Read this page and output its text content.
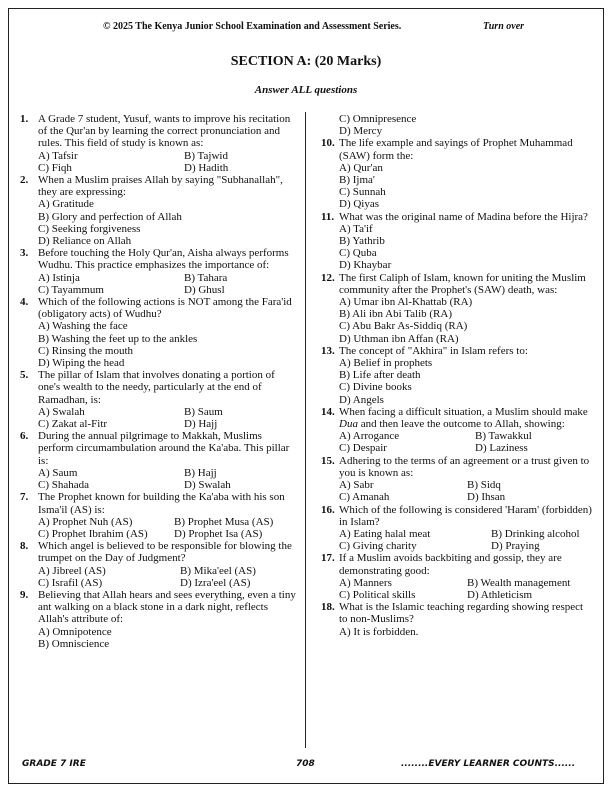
© 2025 The Kenya Junior School Examination and Assessment Series.	Turn over
SECTION A: (20 Marks)
Answer ALL questions
1. A Grade 7 student, Yusuf, wants to improve his recitation of the Qur'an by learning the correct pronunciation and rules. This field of study is known as:
A) Tafsir	B) Tajwid
C) Fiqh	D) Hadith
2. When a Muslim praises Allah by saying "Subhanallah", they are expressing:
A) Gratitude
B) Glory and perfection of Allah
C) Seeking forgiveness
D) Reliance on Allah
3. Before touching the Holy Qur'an, Aisha always performs Wudhu. This practice emphasizes the importance of:
A) Istinja	B) Tahara
C) Tayammum	D) Ghusl
4. Which of the following actions is NOT among the Fara'id (obligatory acts) of Wudhu?
A) Washing the face
B) Washing the feet up to the ankles
C) Rinsing the mouth
D) Wiping the head
5. The pillar of Islam that involves donating a portion of one's wealth to the needy, particularly at the end of Ramadhan, is:
A) Swalah	B) Saum
C) Zakat al-Fitr	D) Hajj
6. During the annual pilgrimage to Makkah, Muslims perform circumambulation around the Ka'aba. This pillar is:
A) Saum	B) Hajj
C) Shahada	D) Swalah
7. The Prophet known for building the Ka'aba with his son Isma'il (AS) is:
A) Prophet Nuh (AS)	B) Prophet Musa (AS)
C) Prophet Ibrahim (AS)	D) Prophet Isa (AS)
8. Which angel is believed to be responsible for blowing the trumpet on the Day of Judgment?
A) Jibreel (AS)	B) Mika'eel (AS)
C) Israfil (AS)	D) Izra'eel (AS)
9. Believing that Allah hears and sees everything, even a tiny ant walking on a black stone in a dark night, reflects Allah's attribute of:
A) Omnipotence
B) Omniscience
C) Omnipresence
D) Mercy
10. The life example and sayings of Prophet Muhammad (SAW) form the:
A) Qur'an
B) Ijma'
C) Sunnah
D) Qiyas
11. What was the original name of Madina before the Hijra?
A) Ta'if
B) Yathrib
C) Quba
D) Khaybar
12. The first Caliph of Islam, known for uniting the Muslim community after the Prophet's (SAW) death, was:
A) Umar ibn Al-Khattab (RA)
B) Ali ibn Abi Talib (RA)
C) Abu Bakr As-Siddiq (RA)
D) Uthman ibn Affan (RA)
13. The concept of "Akhira" in Islam refers to:
A) Belief in prophets
B) Life after death
C) Divine books
D) Angels
14. When facing a difficult situation, a Muslim should make Dua and then leave the outcome to Allah, showing:
A) Arrogance	B) Tawakkul
C) Despair	D) Laziness
15. Adhering to the terms of an agreement or a trust given to you is known as:
A) Sabr	B) Sidq
C) Amanah	D) Ihsan
16. Which of the following is considered 'Haram' (forbidden) in Islam?
A) Eating halal meat	B) Drinking alcohol
C) Giving charity	D) Praying
17. If a Muslim avoids backbiting and gossip, they are demonstrating good:
A) Manners	B) Wealth management
C) Political skills	D) Athleticism
18. What is the Islamic teaching regarding showing respect to non-Muslims?
A) It is forbidden.
GRADE 7 IRE	708	........EVERY LEARNER COUNTS......
